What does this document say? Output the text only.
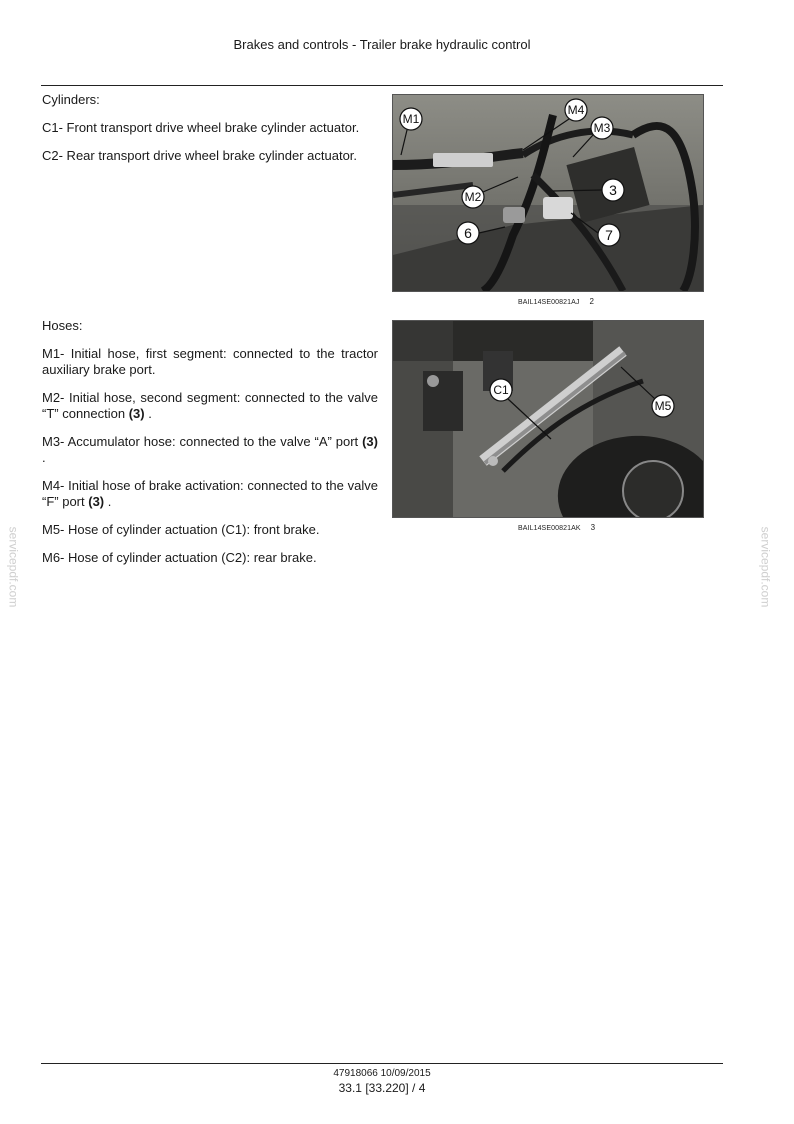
Brakes and controls - Trailer brake hydraulic control

Cylinders:

C1- Front transport drive wheel brake cylinder actuator.

C2- Rear transport drive wheel brake cylinder actuator.

Hoses:

M1- Initial hose, first segment: connected to the tractor auxiliary brake port.

M2- Initial hose, second segment: connected to the valve “T” connection (3) .

M3- Accumulator hose: connected to the valve “A” port (3) .

M4- Initial hose of brake activation: connected to the valve “F” port (3) .

M5- Hose of cylinder actuation (C1): front brake.

M6- Hose of cylinder actuation (C2): rear brake.

M1
M4
M3
M2	3
6	7
BAIL14SE00821AJ 2
C1
M5
BAIL14SE00821AK 3
servicepdf.com	servicepdf.com
47918066 10/09/2015
33.1 [33.220] / 4
